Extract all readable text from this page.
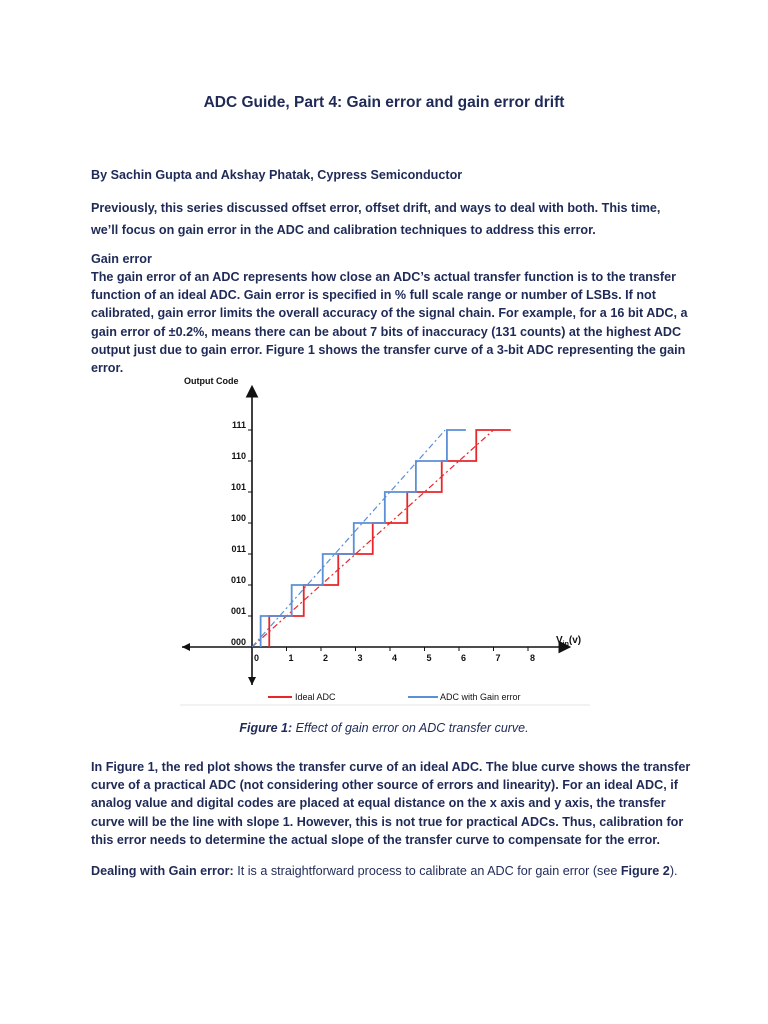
ADC Guide, Part 4: Gain error and gain error drift
By Sachin Gupta and Akshay Phatak, Cypress Semiconductor
Previously, this series discussed offset error, offset drift, and ways to deal with both. This time, we’ll focus on gain error in the ADC and calibration techniques to address this error.
Gain error
The gain error of an ADC represents how close an ADC’s actual transfer function is to the transfer function of an ideal ADC. Gain error is specified in % full scale range or number of LSBs. If not calibrated, gain error limits the overall accuracy of the signal chain. For example, for a 16 bit ADC, a gain error of ±0.2%, means there can be about 7 bits of inaccuracy (131 counts) at the highest ADC output just due to gain error. Figure 1 shows the transfer curve of a 3-bit ADC representing the gain error.
Output Code
000
001
010
011
100
101
110
111
0	1	2	3	4	5	6	7	8
$V_{in}(v)$
Ideal ADC	ADC with Gain error
Figure 1: Effect of gain error on ADC transfer curve.
In Figure 1, the red plot shows the transfer curve of an ideal ADC. The blue curve shows the transfer curve of a practical ADC (not considering other source of errors and linearity). For an ideal ADC, if analog value and digital codes are placed at equal distance on the x axis and y axis, the transfer curve will be the line with slope 1. However, this is not true for practical ADCs. Thus, calibration for this error needs to determine the actual slope of the transfer curve to compensate for the error.
Dealing with Gain error: It is a straightforward process to calibrate an ADC for gain error (see Figure 2).
